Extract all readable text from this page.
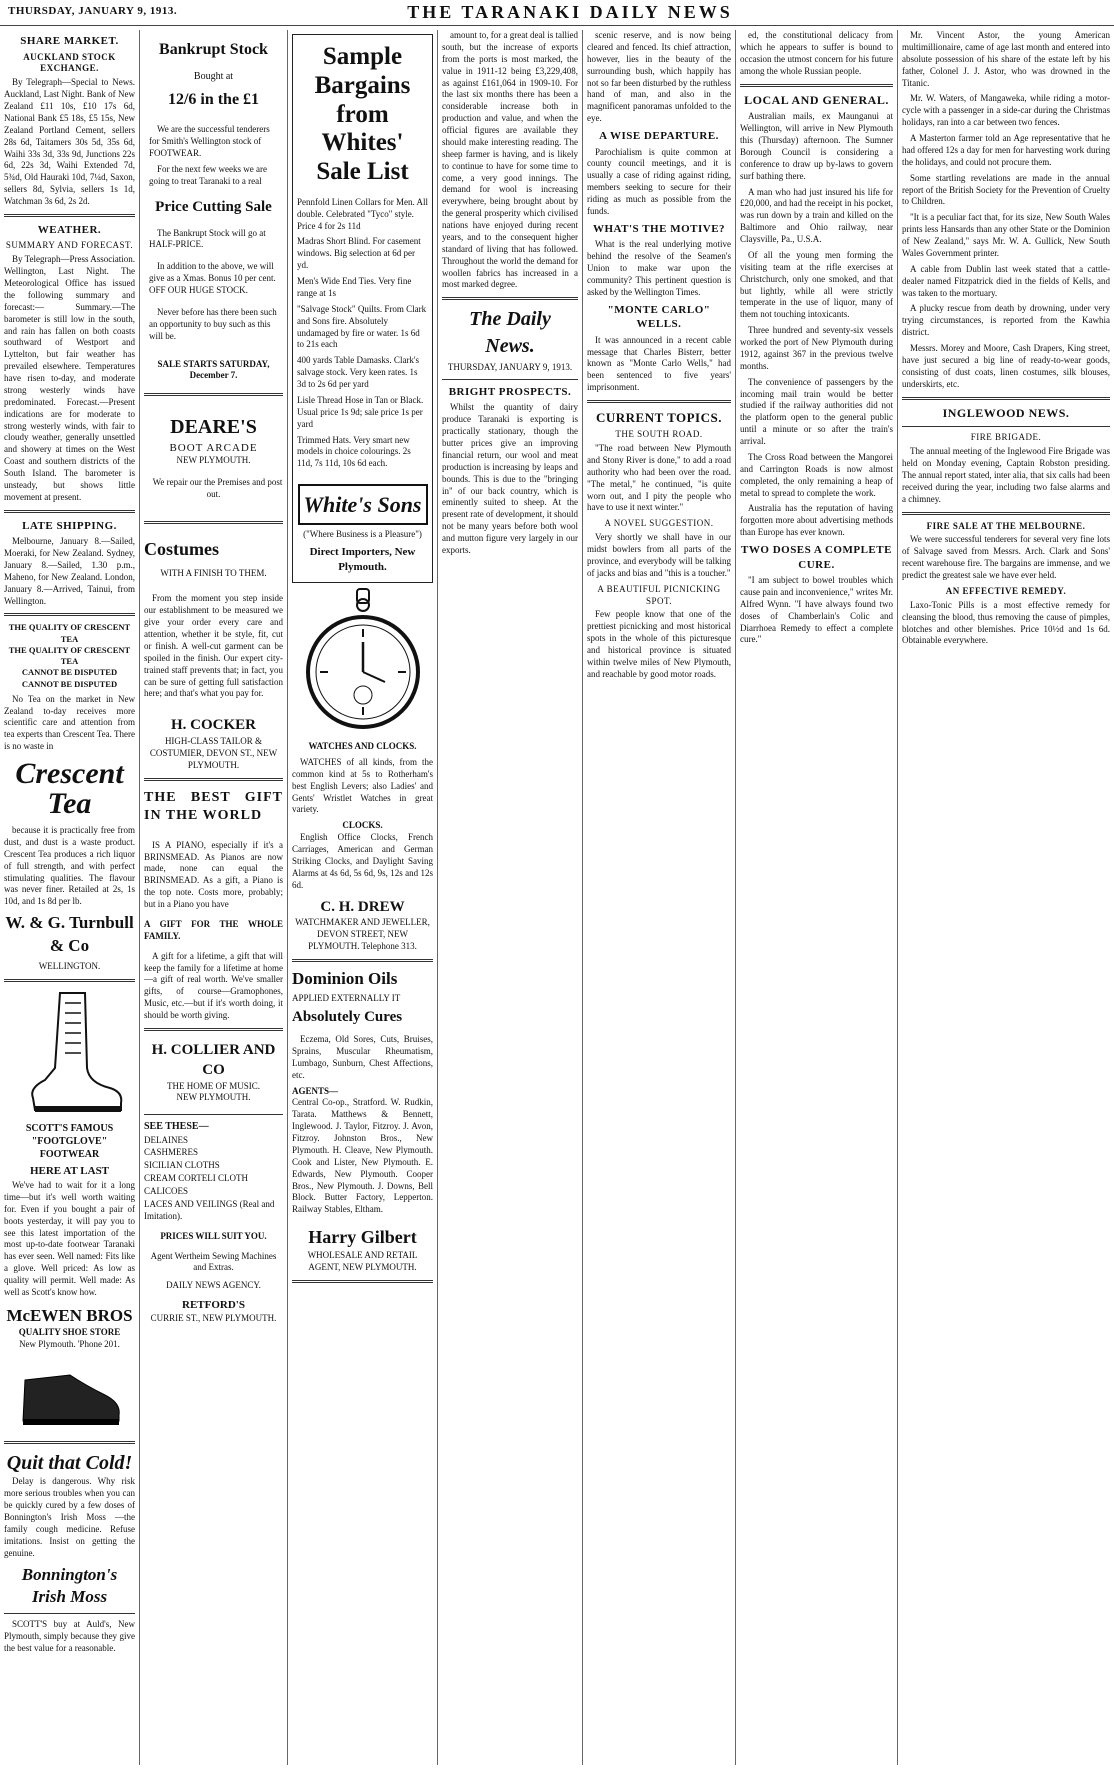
THURSDAY, JANUARY 9, 1913.	THE TARANAKI DAILY NEWS
SHARE MARKET.
AUCKLAND STOCK EXCHANGE.

By Telegraph—Special to News. Auckland, Last Night. Bank of New Zealand £11 10s, £10 17s 6d, National Bank £5 18s, £5 15s, New Zealand Portland Cement, sellers 28s 6d, Taitamers 30s 5d, 35s 6d, Waihi 33s 3d, 33s 9d, Junctions 22s 6d, 22s 3d, Waihi Extended 7d, 5¾d, Old Hauraki 10d, 7¼d, Saxon, sellers 8d, Sylvia, sellers 1s 1d, Watchman 3s 6d, 2s 2d.

WEATHER.
SUMMARY AND FORECAST.

By Telegraph—Press Association. Wellington, Last Night. The Meteorological Office has issued the following summary and forecast:— Summary.—The barometer is still low in the south, and rain has fallen on both coasts southward of Westport and Lyttelton, but fair weather has prevailed elsewhere. Temperatures have risen to-day, and moderate strong westerly winds have predominated. Forecast.—Present indications are for moderate to strong westerly winds, with fair to cloudy weather, generally unsettled and showery at times on the West Coast and southern districts of the South Island. The barometer is unsteady, but shows little movement at present.

LATE SHIPPING.

Melbourne, January 8.—Sailed, Moeraki, for New Zealand. Sydney, January 8.—Sailed, 1.30 p.m., Maheno, for New Zealand. London, January 8.—Arrived, Tainui, from Wellington.

THE QUALITY OF CRESCENT TEA
THE QUALITY OF CRESCENT TEA
CANNOT BE DISPUTED
CANNOT BE DISPUTED

No Tea on the market in New Zealand to-day receives more scientific care and attention from tea experts than Crescent Tea. There is no waste in

Crescent Tea

because it is practically free from dust, and dust is a waste product. Crescent Tea produces a rich liquor of full strength, and with perfect stimulating qualities. The flavour was never finer. Retailed at 2s, 1s 10d, and 1s 8d per lb.

W. & G. Turnbull & Co
WELLINGTON.
SCOTT'S FAMOUS "FOOTGLOVE" FOOTWEAR
HERE AT LAST

We've had to wait for it a long time—but it's well worth waiting for. Even if you bought a pair of boots yesterday, it will pay you to see this latest importation of the most up-to-date footwear Taranaki has ever seen. Well named: Fits like a glove. Well priced: As low as quality will permit. Well made: As well as Scott's know how.

McEWEN BROS
QUALITY SHOE STORE
New Plymouth. 'Phone 201.
Quit that Cold!

Delay is dangerous. Why risk more serious troubles when you can be quickly cured by a few doses of Bonnington's Irish Moss —the family cough medicine. Refuse imitations. Insist on getting the genuine.

Bonnington's Irish Moss

SCOTT'S buy at Auld's, New Plymouth, simply because they give the best value for a reasonable.

Bankrupt Stock
Bought at
12/6 in the £1

We are the successful tenderers for Smith's Wellington stock of FOOTWEAR.

For the next few weeks we are going to treat Taranaki to a real

Price Cutting Sale

The Bankrupt Stock will go at HALF-PRICE.

In addition to the above, we will give as a Xmas. Bonus 10 per cent. OFF OUR HUGE STOCK.

Never before has there been such an opportunity to buy such as this will be.

SALE STARTS SATURDAY, December 7.
DEARE'S
BOOT ARCADE
NEW PLYMOUTH.

We repair our the Premises and post out.

Costumes
WITH A FINISH TO THEM.

From the moment you step inside our establishment to be measured we give your order every care and attention, whether it be style, fit, cut or finish. A well-cut garment can be spoiled in the finish. Our expert city-trained staff prevents that; in fact, you can be sure of getting full satisfaction here; and that's what you pay for.

H. COCKER
HIGH-CLASS TAILOR & COSTUMIER, DEVON ST., NEW PLYMOUTH.
THE BEST GIFT IN THE WORLD

IS A PIANO, especially if it's a BRINSMEAD. As Pianos are now made, none can equal the BRINSMEAD. As a gift, a Piano is the top note. Costs more, probably; but in a Piano you have

A GIFT FOR THE WHOLE FAMILY.

A gift for a lifetime, a gift that will keep the family for a lifetime at home—a gift of real worth. We've smaller gifts, of course—Gramophones, Music, etc.—but if it's worth doing, it should be worth giving.

H. COLLIER AND CO
THE HOME OF MUSIC.
NEW PLYMOUTH.
SEE THESE—
DELAINES
CASHMERES
SICILIAN CLOTHS
CREAM CORTELI CLOTH
CALICOES
LACES AND VEILINGS (Real and Imitation).
PRICES WILL SUIT YOU.
Agent Wertheim Sewing Machines and Extras.
DAILY NEWS AGENCY.
RETFORD'S
CURRIE ST., NEW PLYMOUTH.
Sample Bargains from Whites' Sale List

Pennfold Linen Collars for Men. All double. Celebrated "Tyco" style. Price 4 for 2s 11d

Madras Short Blind. For casement windows. Big selection at 6d per yd.

Men's Wide End Ties. Very fine range at 1s

"Salvage Stock" Quilts. From Clark and Sons fire. Absolutely undamaged by fire or water. 1s 6d to 21s each

400 yards Table Damasks. Clark's salvage stock. Very keen rates. 1s 3d to 2s 6d per yard

Lisle Thread Hose in Tan or Black. Usual price 1s 9d; sale price 1s per yard

Trimmed Hats. Very smart new models in choice colourings. 2s 11d, 7s 11d, 10s 6d each.

White's Sons
("Where Business is a Pleasure")
Direct Importers, New Plymouth.
WATCHES AND CLOCKS.

WATCHES of all kinds, from the common kind at 5s to Rotherham's best English Levers; also Ladies' and Gents' Wristlet Watches in great variety.

CLOCKS.

English Office Clocks, French Carriages, American and German Striking Clocks, and Daylight Saving Alarms at 4s 6d, 5s 6d, 9s, 12s and 12s 6d.

C. H. DREW
WATCHMAKER AND JEWELLER, DEVON STREET, NEW PLYMOUTH. Telephone 313.
Dominion Oils
APPLIED EXTERNALLY IT
Absolutely Cures

Eczema, Old Sores, Cuts, Bruises, Sprains, Muscular Rheumatism, Lumbago, Sunburn, Chest Affections, etc.

AGENTS—

Central Co-op., Stratford. W. Rudkin, Tarata. Matthews & Bennett, Inglewood. J. Taylor, Fitzroy. J. Avon, Fitzroy. Johnston Bros., New Plymouth. H. Cleave, New Plymouth. Cook and Lister, New Plymouth. E. Edwards, New Plymouth. Cooper Bros., New Plymouth. J. Downs, Bell Block. Butter Factory, Lepperton. Railway Stables, Eltham.

Harry Gilbert
WHOLESALE AND RETAIL AGENT, NEW PLYMOUTH.

amount to, for a great deal is tallied south, but the increase of exports from the ports is most marked, the value in 1911-12 being £3,229,408, as against £161,064 in 1909-10. For the last six months there has been a considerable increase both in production and value, and when the official figures are available they should make interesting reading. The sheep farmer is having, and is likely to continue to have for some time to come, a very good innings. The demand for wool is increasing everywhere, being brought about by the general prosperity which civilised nations have enjoyed during recent years, and to the consequent higher standard of living that has followed. Throughout the world the demand for woollen fabrics has increased in a most marked degree.

The Daily News.
THURSDAY, JANUARY 9, 1913.
BRIGHT PROSPECTS.

Whilst the quantity of dairy produce Taranaki is exporting is practically stationary, though the butter prices give an improving financial return, our wool and meat production is increasing by leaps and bounds. This is due to the "bringing in" of our back country, which is eminently suited to sheep. At the present rate of development, it should not be many years before both wool and mutton figure very largely in our exports.

scenic reserve, and is now being cleared and fenced. Its chief attraction, however, lies in the beauty of the surrounding bush, which happily has not so far been disturbed by the ruthless hand of man, and also in the magnificent panoramas unfolded to the eye.

A WISE DEPARTURE.

Parochialism is quite common at county council meetings, and it is usually a case of riding against riding, members seeking to secure for their riding as much as possible from the funds.

WHAT'S THE MOTIVE?

What is the real underlying motive behind the resolve of the Seamen's Union to make war upon the community? This pertinent question is asked by the Wellington Times.

"MONTE CARLO" WELLS.

It was announced in a recent cable message that Charles Bisterr, better known as "Monte Carlo Wells," had been sentenced to five years' imprisonment.

CURRENT TOPICS.
THE SOUTH ROAD.

"The road between New Plymouth and Stony River is done," to add a road authority who had been over the road. "The metal," he continued, "is quite worn out, and I pity the people who have to use it next winter."

A NOVEL SUGGESTION.

Very shortly we shall have in our midst bowlers from all parts of the province, and everybody will be talking of jacks and bias and "this is a toucher."

A BEAUTIFUL PICNICKING SPOT.

Few people know that one of the prettiest picnicking and most historical spots in the whole of this picturesque and historical province is situated within twelve miles of New Plymouth, and reachable by good motor roads.

ed, the constitutional delicacy from which he appears to suffer is bound to occasion the utmost concern for his future among the whole Russian people.

LOCAL AND GENERAL.

Australian mails, ex Maunganui at Wellington, will arrive in New Plymouth this (Thursday) afternoon. The Sumner Borough Council is considering a conference to draw up by-laws to govern surf bathing there.

A man who had just insured his life for £20,000, and had the receipt in his pocket, was run down by a train and killed on the Baltimore and Ohio railway, near Claysville, Pa., U.S.A.

Of all the young men forming the visiting team at the rifle exercises at Christchurch, only one smoked, and that but lightly, while all were strictly temperate in the use of liquor, many of them not touching intoxicants.

Three hundred and seventy-six vessels worked the port of New Plymouth during 1912, against 367 in the previous twelve months.

The convenience of passengers by the incoming mail train would be better studied if the railway authorities did not the platform open to the general public until a minute or so after the train's arrival.

The Cross Road between the Mangorei and Carrington Roads is now almost completed, the only remaining a heap of metal to spread to complete the work.

Australia has the reputation of having forgotten more about advertising methods than Europe has ever known.

TWO DOSES A COMPLETE CURE.

"I am subject to bowel troubles which cause pain and inconvenience," writes Mr. Alfred Wynn. "I have always found two doses of Chamberlain's Colic and Diarrhoea Remedy to effect a complete cure."

Mr. Vincent Astor, the young American multimillionaire, came of age last month and entered into absolute possession of his share of the estate left by his father, Colonel J. J. Astor, who was drowned in the Titanic.

Mr. W. Waters, of Mangaweka, while riding a motor-cycle with a passenger in a side-car during the Christmas holidays, ran into a car between two fences.

A Masterton farmer told an Age representative that he had offered 12s a day for men for harvesting work during the holidays, and could not procure them.

Some startling revelations are made in the annual report of the British Society for the Prevention of Cruelty to Children.

"It is a peculiar fact that, for its size, New South Wales prints less Hansards than any other State or the Dominion of New Zealand," says Mr. W. A. Gullick, New South Wales Government printer.

A cable from Dublin last week stated that a cattle-dealer named Fitzpatrick died in the fields of Kells, and was taken to the mortuary.

A plucky rescue from death by drowning, under very trying circumstances, is reported from the Kawhia district.

Messrs. Morey and Moore, Cash Drapers, King street, have just secured a big line of ready-to-wear goods, consisting of dust coats, linen costumes, silk blouses, underskirts, etc.

INGLEWOOD NEWS.
FIRE BRIGADE.

The annual meeting of the Inglewood Fire Brigade was held on Monday evening, Captain Robston presiding. The annual report stated, inter alia, that six calls had been received during the year, including two false alarms and a chimney.

FIRE SALE AT THE MELBOURNE.

We were successful tenderers for several very fine lots of Salvage saved from Messrs. Arch. Clark and Sons' recent warehouse fire. The bargains are immense, and we predict the greatest sale we have ever held.

AN EFFECTIVE REMEDY.

Laxo-Tonic Pills is a most effective remedy for cleansing the blood, thus removing the cause of pimples, blotches and other blemishes. Price 10½d and 1s 6d. Obtainable everywhere.
